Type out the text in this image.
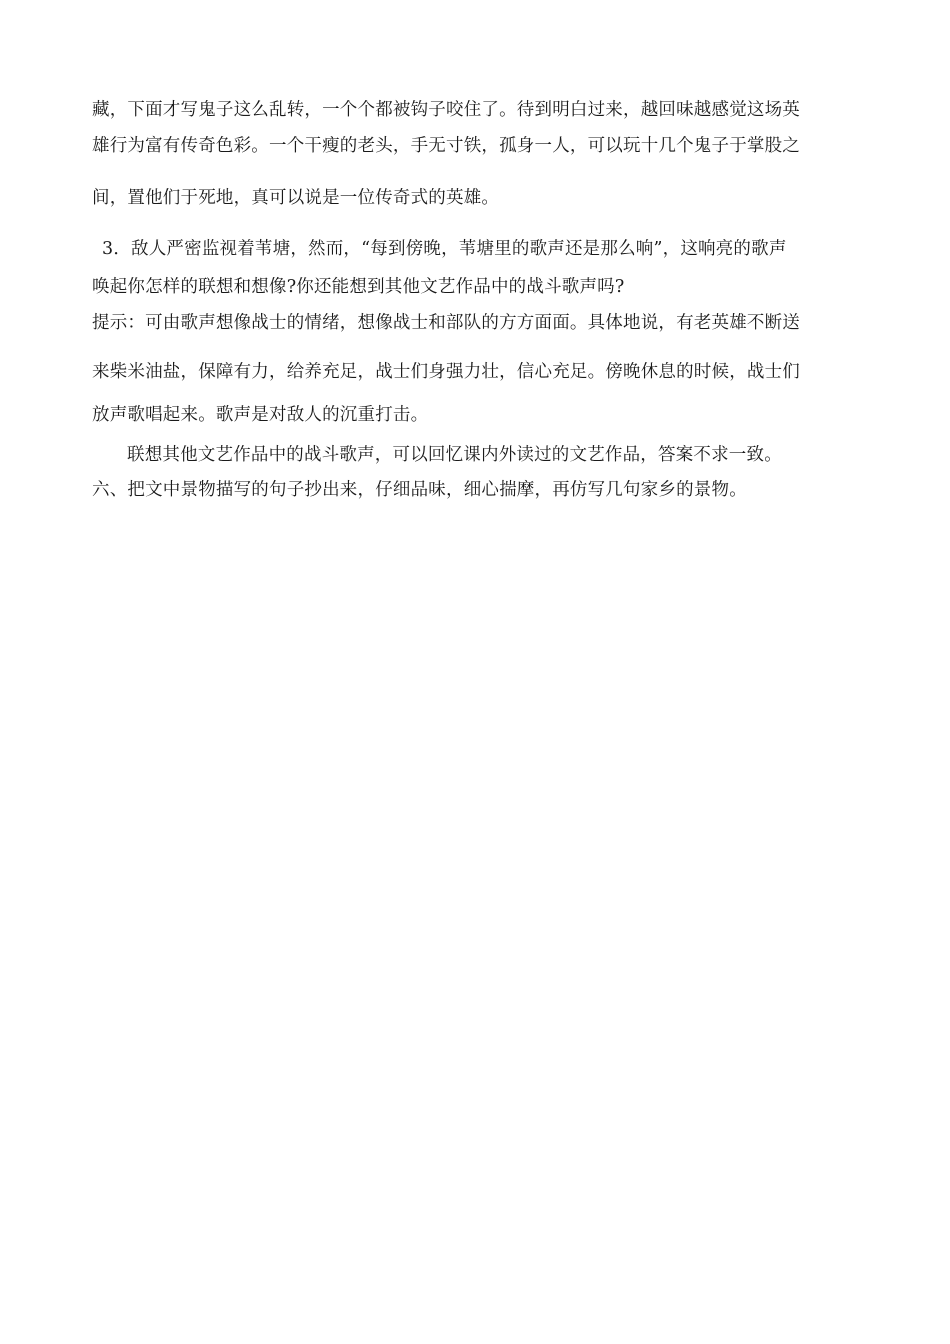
藏，下面才写鬼子这么乱转，一个个都被钩子咬住了。待到明白过来，越回味越感觉这场英
雄行为富有传奇色彩。一个干瘦的老头，手无寸铁，孤身一人，可以玩十几个鬼子于掌股之
间，置他们于死地，真可以说是一位传奇式的英雄。
3．敌人严密监视着苇塘，然而，“每到傍晚，苇塘里的歌声还是那么响”，这响亮的歌声
唤起你怎样的联想和想像?你还能想到其他文艺作品中的战斗歌声吗?
提示：可由歌声想像战士的情绪，想像战士和部队的方方面面。具体地说，有老英雄不断送
来柴米油盐，保障有力，给养充足，战士们身强力壮，信心充足。傍晚休息的时候，战士们
放声歌唱起来。歌声是对敌人的沉重打击。
联想其他文艺作品中的战斗歌声，可以回忆课内外读过的文艺作品，答案不求一致。
六、把文中景物描写的句子抄出来，仔细品味，细心揣摩，再仿写几句家乡的景物。
